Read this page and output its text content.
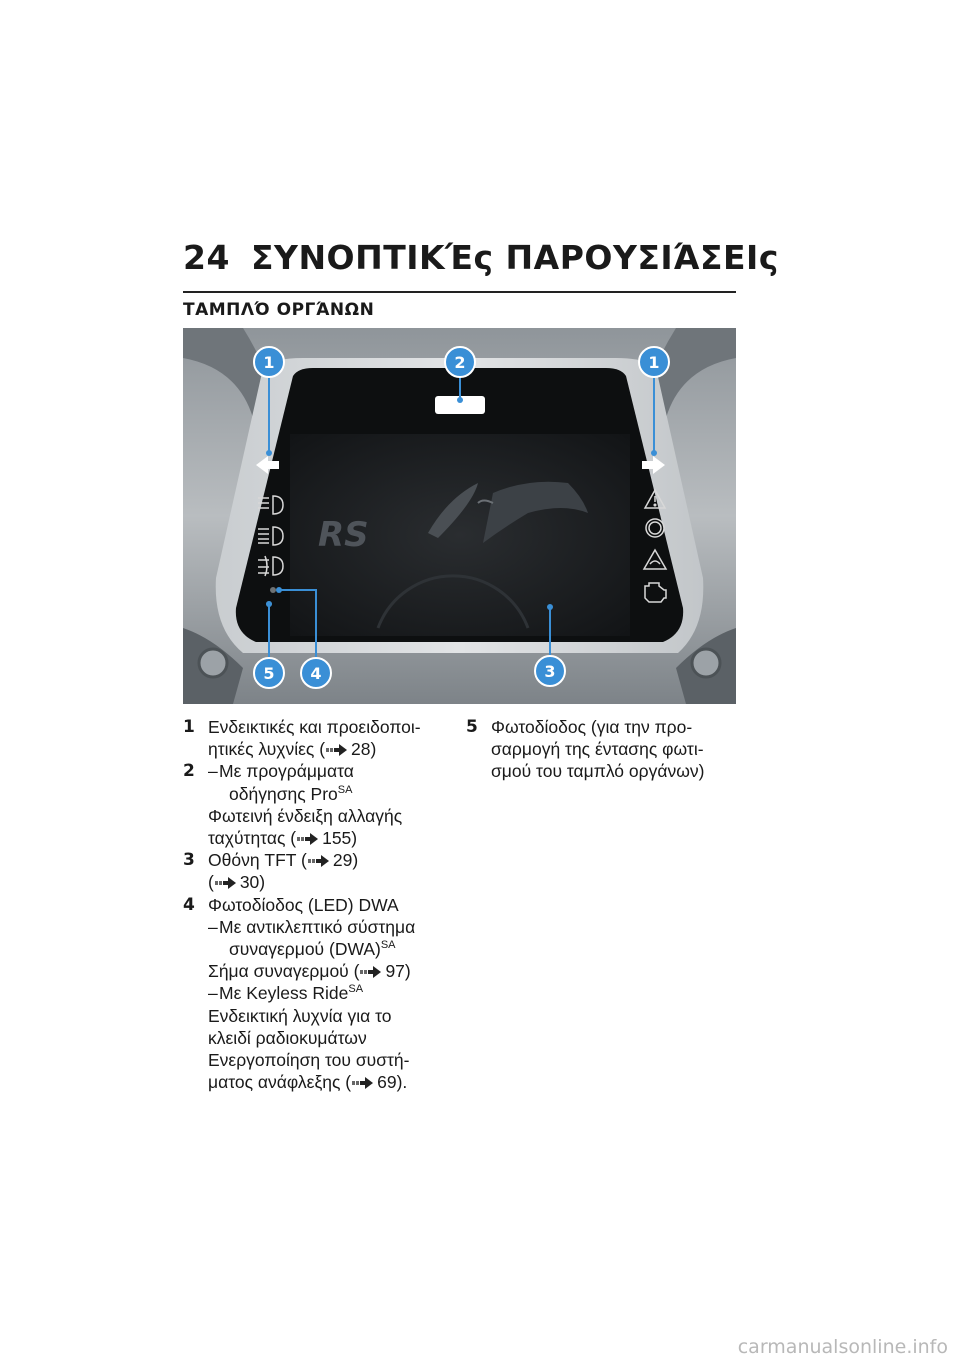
24 ΣΥΝΟΠΤΙΚΈς ΠΑΡΟΥΣΙΆΣΕΙς
ΤΑΜΠΛΌ ΟΡΓΆΝΩΝ
RS
1	2	1
5 4	3
1 Ενδεικτικές και προειδοποι-
ητικές λυχνίες ( 28)
2 –Με προγράμματα
οδήγησης Pro$^{SA}$
Φωτεινή ένδειξη αλλαγής
ταχύτητας ( 155)
3 Οθόνη TFT ( 29)
( 30)
4 Φωτοδίοδος (LED) DWA
–Με αντικλεπτικό σύστημα
συναγερμού (DWA)$^{SA}$
Σήμα συναγερμού ( 97)
–Με Keyless Ride$^{SA}$
Ενδεικτική λυχνία για το
κλειδί ραδιοκυμάτων
Ενεργοποίηση του συστή-
ματος ανάφλεξης ( 69).
5 Φωτοδίοδος (για την προ-
σαρμογή της έντασης φωτι-
σμού του ταμπλό οργάνων)
carmanualsonline.info
